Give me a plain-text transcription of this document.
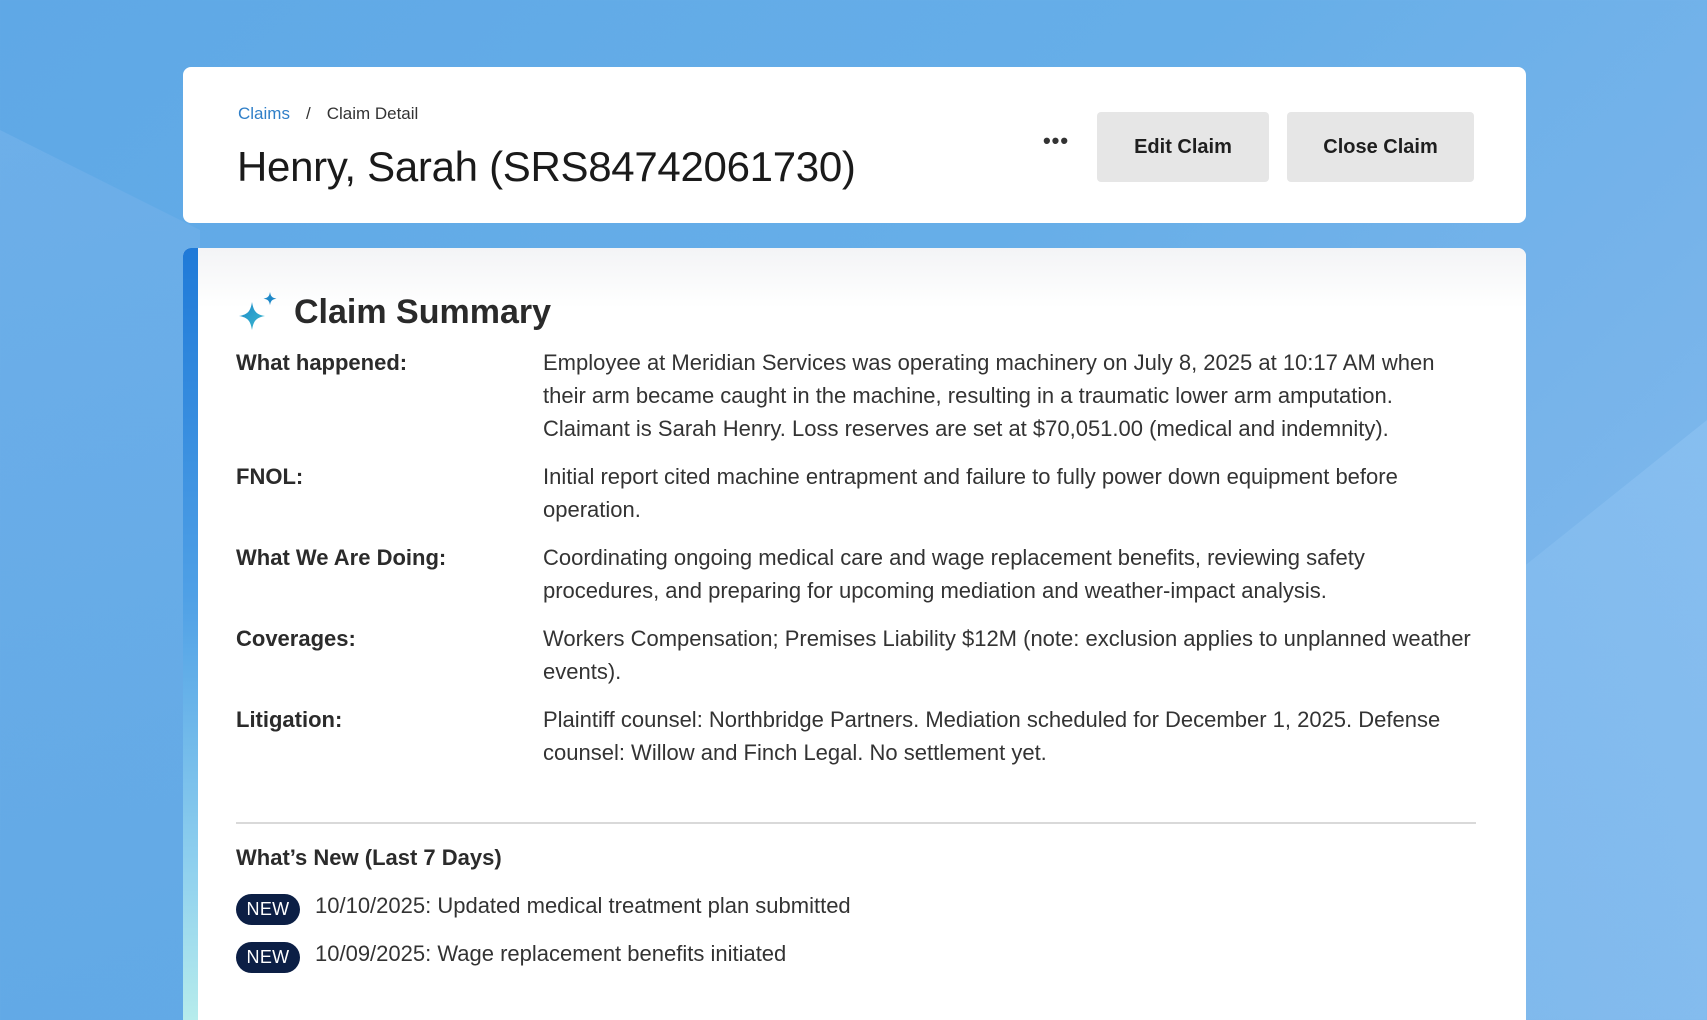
Claims / Claim Detail
Henry, Sarah (SRS84742061730)
•••	Edit Claim	Close Claim
Claim Summary
What happened:	Employee at Meridian Services was operating machinery on July 8, 2025 at 10:17 AM when their arm became caught in the machine, resulting in a traumatic lower arm amputation. Claimant is Sarah Henry. Loss reserves are set at $70,051.00 (medical and indemnity).
FNOL:	Initial report cited machine entrapment and failure to fully power down equipment before operation.
What We Are Doing:	Coordinating ongoing medical care and wage replacement benefits, reviewing safety procedures, and preparing for upcoming mediation and weather-impact analysis.
Coverages:	Workers Compensation; Premises Liability $12M (note: exclusion applies to unplanned weather events).
Litigation:	Plaintiff counsel: Northbridge Partners. Mediation scheduled for December 1, 2025. Defense counsel: Willow and Finch Legal. No settlement yet.
What’s New (Last 7 Days)
NEW	10/10/2025: Updated medical treatment plan submitted
NEW	10/09/2025: Wage replacement benefits initiated
